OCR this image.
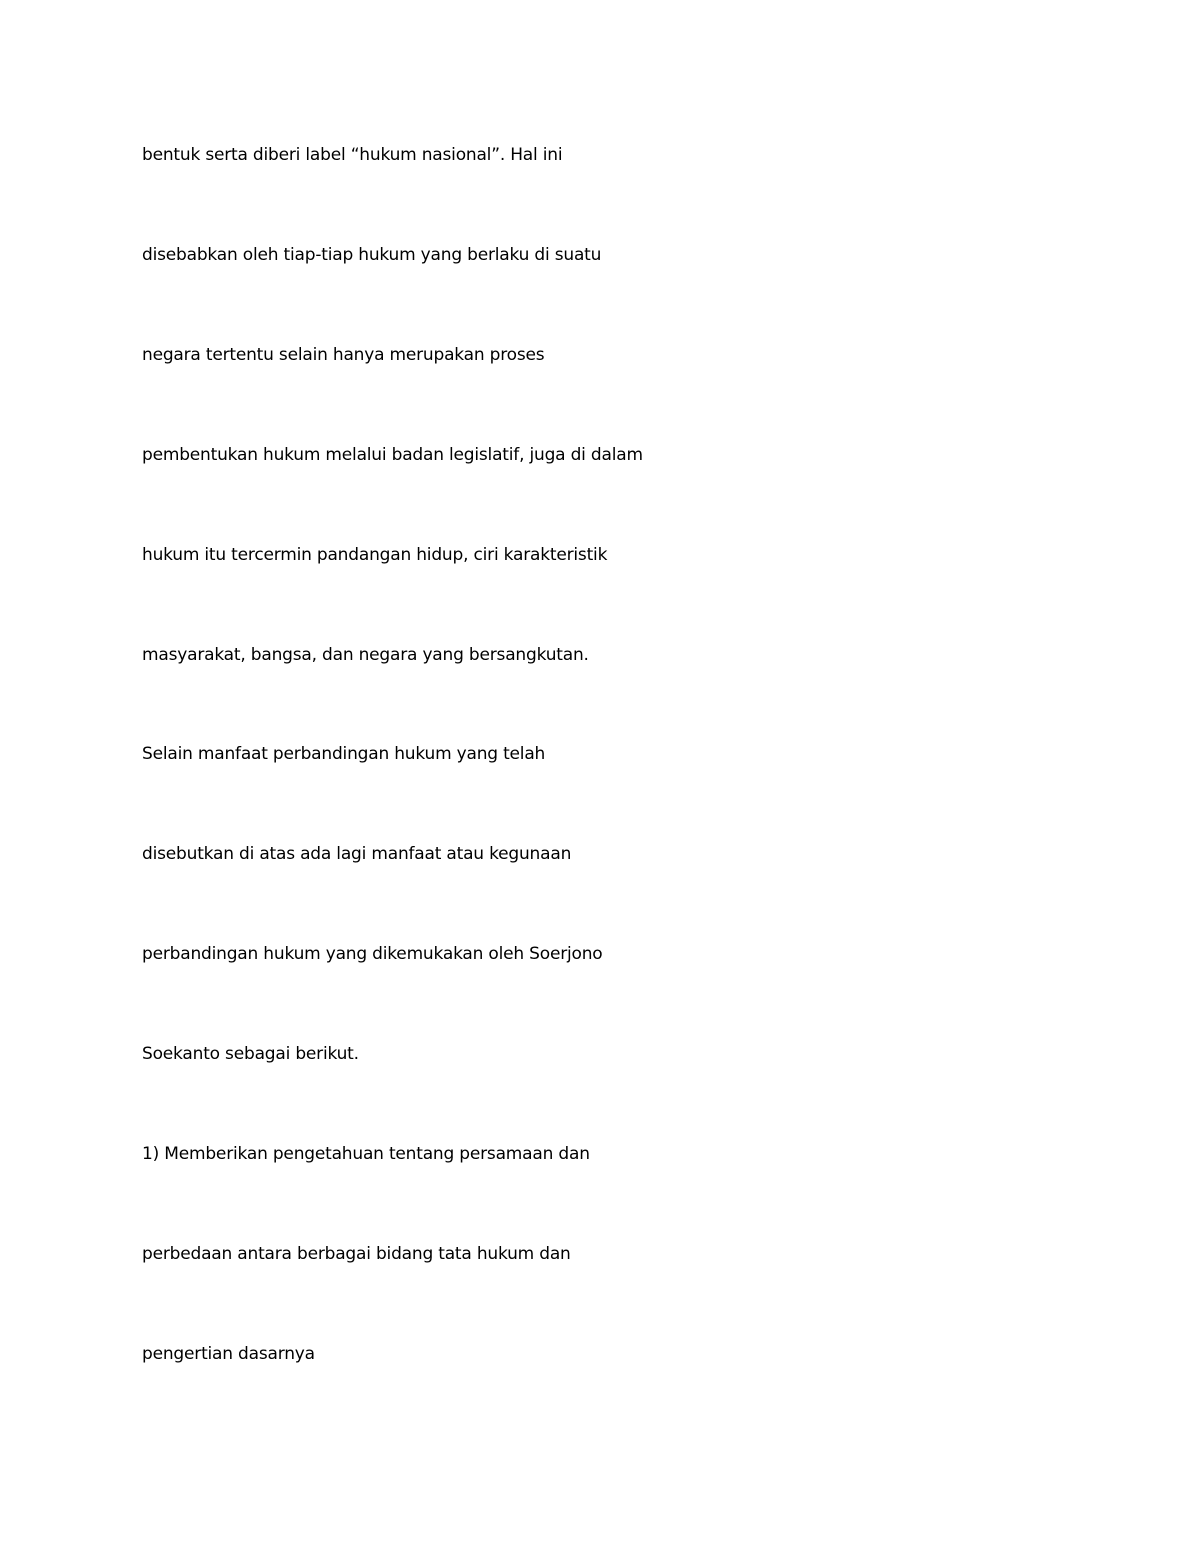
bentuk serta diberi label “hukum nasional”. Hal ini

disebabkan oleh tiap-tiap hukum yang berlaku di suatu

negara tertentu selain hanya merupakan proses

pembentukan hukum melalui badan legislatif, juga di dalam

hukum itu tercermin pandangan hidup, ciri karakteristik

masyarakat, bangsa, dan negara yang bersangkutan.

Selain manfaat perbandingan hukum yang telah

disebutkan di atas ada lagi manfaat atau kegunaan

perbandingan hukum yang dikemukakan oleh Soerjono

Soekanto sebagai berikut.

1) Memberikan pengetahuan tentang persamaan dan

perbedaan antara berbagai bidang tata hukum dan

pengertian dasarnya
